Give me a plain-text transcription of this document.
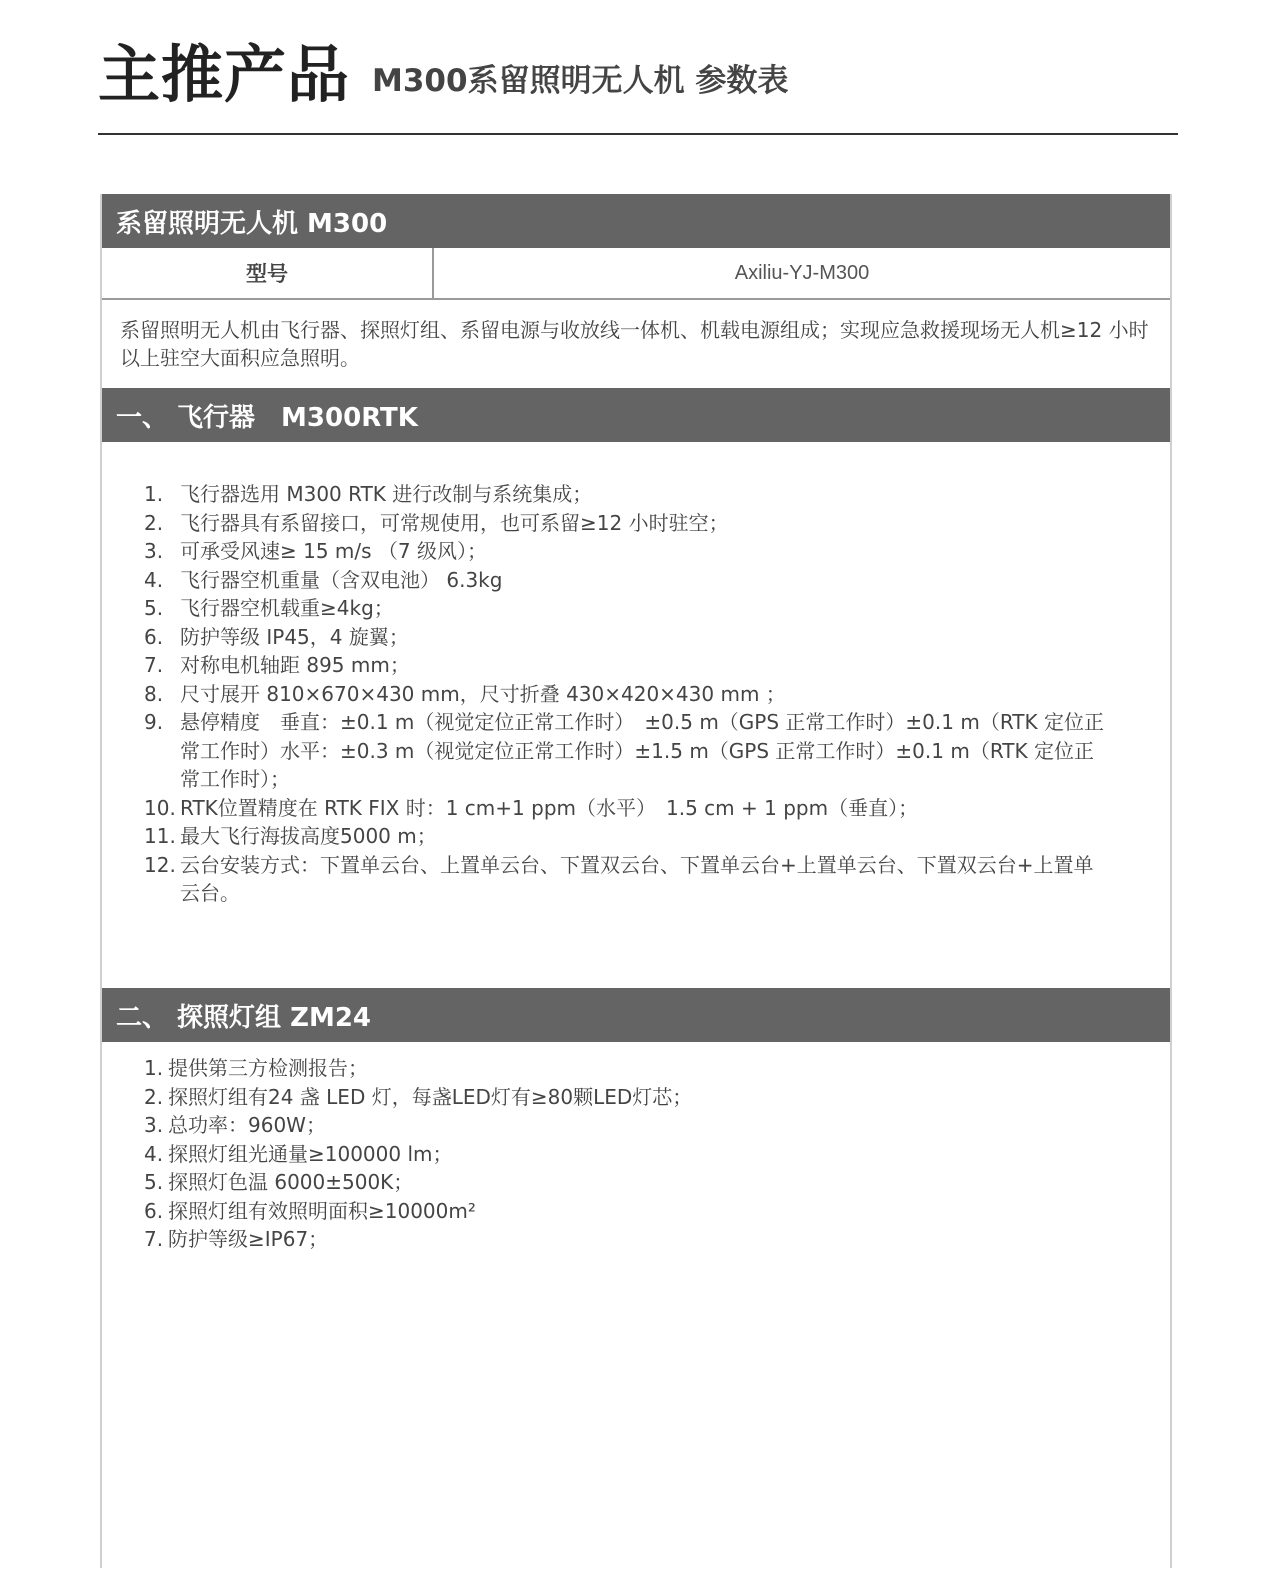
主推产品 M300系留照明无人机 参数表
系留照明无人机 M300
型号	Axiliu-YJ-M300
系留照明无人机由飞行器、探照灯组、系留电源与收放线一体机、机载电源组成；实现应急救援现场无人机≥12 小时以上驻空大面积应急照明。
一、 飞行器　M300RTK
1. 飞行器选用 M300 RTK 进行改制与系统集成；
2. 飞行器具有系留接口，可常规使用，也可系留≥12 小时驻空；
3. 可承受风速≥ 15 m/s （7 级风）；
4. 飞行器空机重量（含双电池） 6.3kg
5. 飞行器空机载重≥4kg；
6. 防护等级 IP45，4 旋翼；
7. 对称电机轴距 895 mm；
8. 尺寸展开 810×670×430 mm，尺寸折叠 430×420×430 mm ；
9. 悬停精度　垂直：±0.1 m（视觉定位正常工作时）　±0.5 m（GPS 正常工作时）±0.1 m（RTK 定位正常工作时）水平：±0.3 m（视觉定位正常工作时）±1.5 m（GPS 正常工作时）±0.1 m（RTK 定位正常工作时）；
10. RTK位置精度在 RTK FIX 时：1 cm+1 ppm（水平）　1.5 cm + 1 ppm（垂直）；
11. 最大飞行海拔高度5000 m；
12. 云台安装方式：下置单云台、上置单云台、下置双云台、下置单云台+上置单云台、下置双云台+上置单云台。
二、 探照灯组 ZM24
1. 提供第三方检测报告；
2. 探照灯组有24 盏 LED 灯，每盏LED灯有≥80颗LED灯芯；
3. 总功率：960W；
4. 探照灯组光通量≥100000 lm；
5. 探照灯色温 6000±500K；
6. 探照灯组有效照明面积≥10000m²
7. 防护等级≥IP67；
